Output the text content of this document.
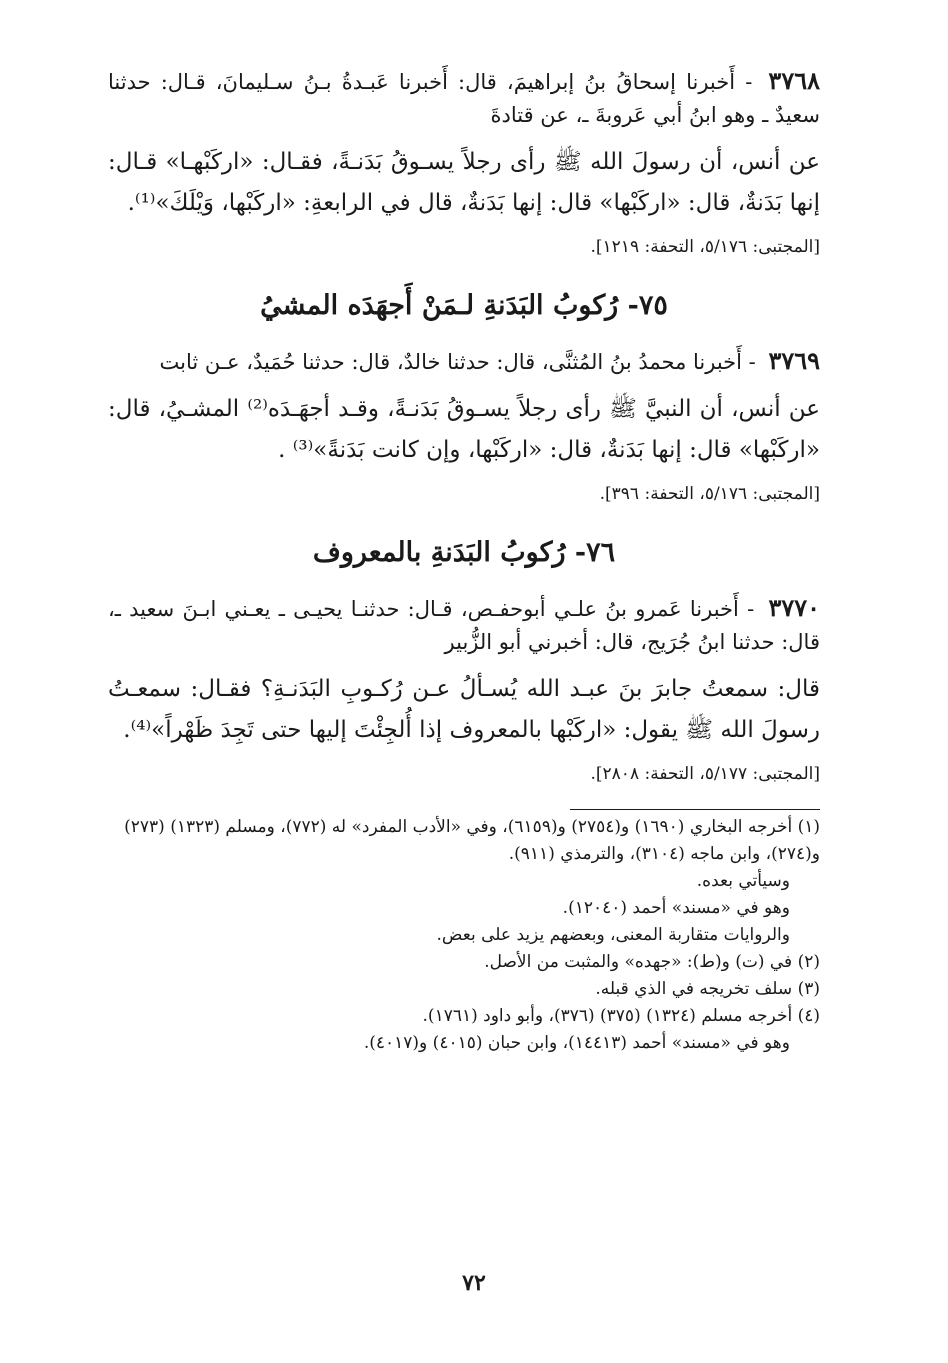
٣٧٦٨ - أَخبرنا إسحاقُ بنُ إبراهيمَ، قال: أَخبرنا عَبـدةُ بـنُ سـليمانَ، قـال: حدثنا سعيدٌ ـ وهو ابنُ أبي عَروبةَ ـ، عن قتادةَ

عن أنس، أن رسولَ الله ﷺ رأى رجلاً يسـوقُ بَدَنـةً، فقـال: «اركَبْهـا» قـال: إنها بَدَنةٌ، قال: «اركَبْها» قال: إنها بَدَنةٌ، قال في الرابعةِ: «اركَبْها، وَيْلَكَ»⁽¹⁾.

[المجتبى: ٥/١٧٦، التحفة: ١٢١٩].

٧٥- رُكوبُ البَدَنةِ لـمَنْ أَجهَدَه المشيُ

٣٧٦٩ - أَخبرنا محمدُ بنُ المُثنَّى، قال: حدثنا خالدٌ، قال: حدثنا حُمَيدٌ، عـن ثابت

عن أنس، أن النبيَّ ﷺ رأى رجلاً يسـوقُ بَدَنـةً، وقـد أجهَـدَه⁽²⁾ المشـيُ، قال: «اركَبْها» قال: إنها بَدَنةٌ، قال: «اركَبْها، وإن كانت بَدَنةً»⁽³⁾ .

[المجتبى: ٥/١٧٦، التحفة: ٣٩٦].

٧٦- رُكوبُ البَدَنةِ بالمعروف

٣٧٧٠ - أَخبرنا عَمرو بنُ علـي أبوحفـص، قـال: حدثنـا يحيـى ـ يعـني ابـنَ سعيد ـ، قال: حدثنا ابنُ جُرَيج، قال: أخبرني أبو الزُّبير

قال: سمعتُ جابرَ بنَ عبـد الله يُسـألُ عـن رُكـوبِ البَدَنـةِ؟ فقـال: سمعـتُ رسولَ الله ﷺ يقول: «اركَبْها بالمعروف إذا أُلجِئْتَ إليها حتى تَجِدَ ظَهْراً»⁽⁴⁾.

[المجتبى: ٥/١٧٧، التحفة: ٢٨٠٨].

(١) أخرجه البخاري (١٦٩٠) و(٢٧٥٤) و(٦١٥٩)، وفي «الأدب المفرد» له (٧٧٢)، ومسلم (١٣٢٣) (٢٧٣) و(٢٧٤)، وابن ماجه (٣١٠٤)، والترمذي (٩١١).

وسيأتي بعده.

وهو في «مسند» أحمد (١٢٠٤٠).

والروايات متقاربة المعنى، وبعضهم يزيد على بعض.

(٢) في (ت) و(ط): «جهده» والمثبت من الأصل.

(٣) سلف تخريجه في الذي قبله.

(٤) أخرجه مسلم (١٣٢٤) (٣٧٥) (٣٧٦)، وأبو داود (١٧٦١).

وهو في «مسند» أحمد (١٤٤١٣)، وابن حبان (٤٠١٥) و(٤٠١٧).

٧٢
